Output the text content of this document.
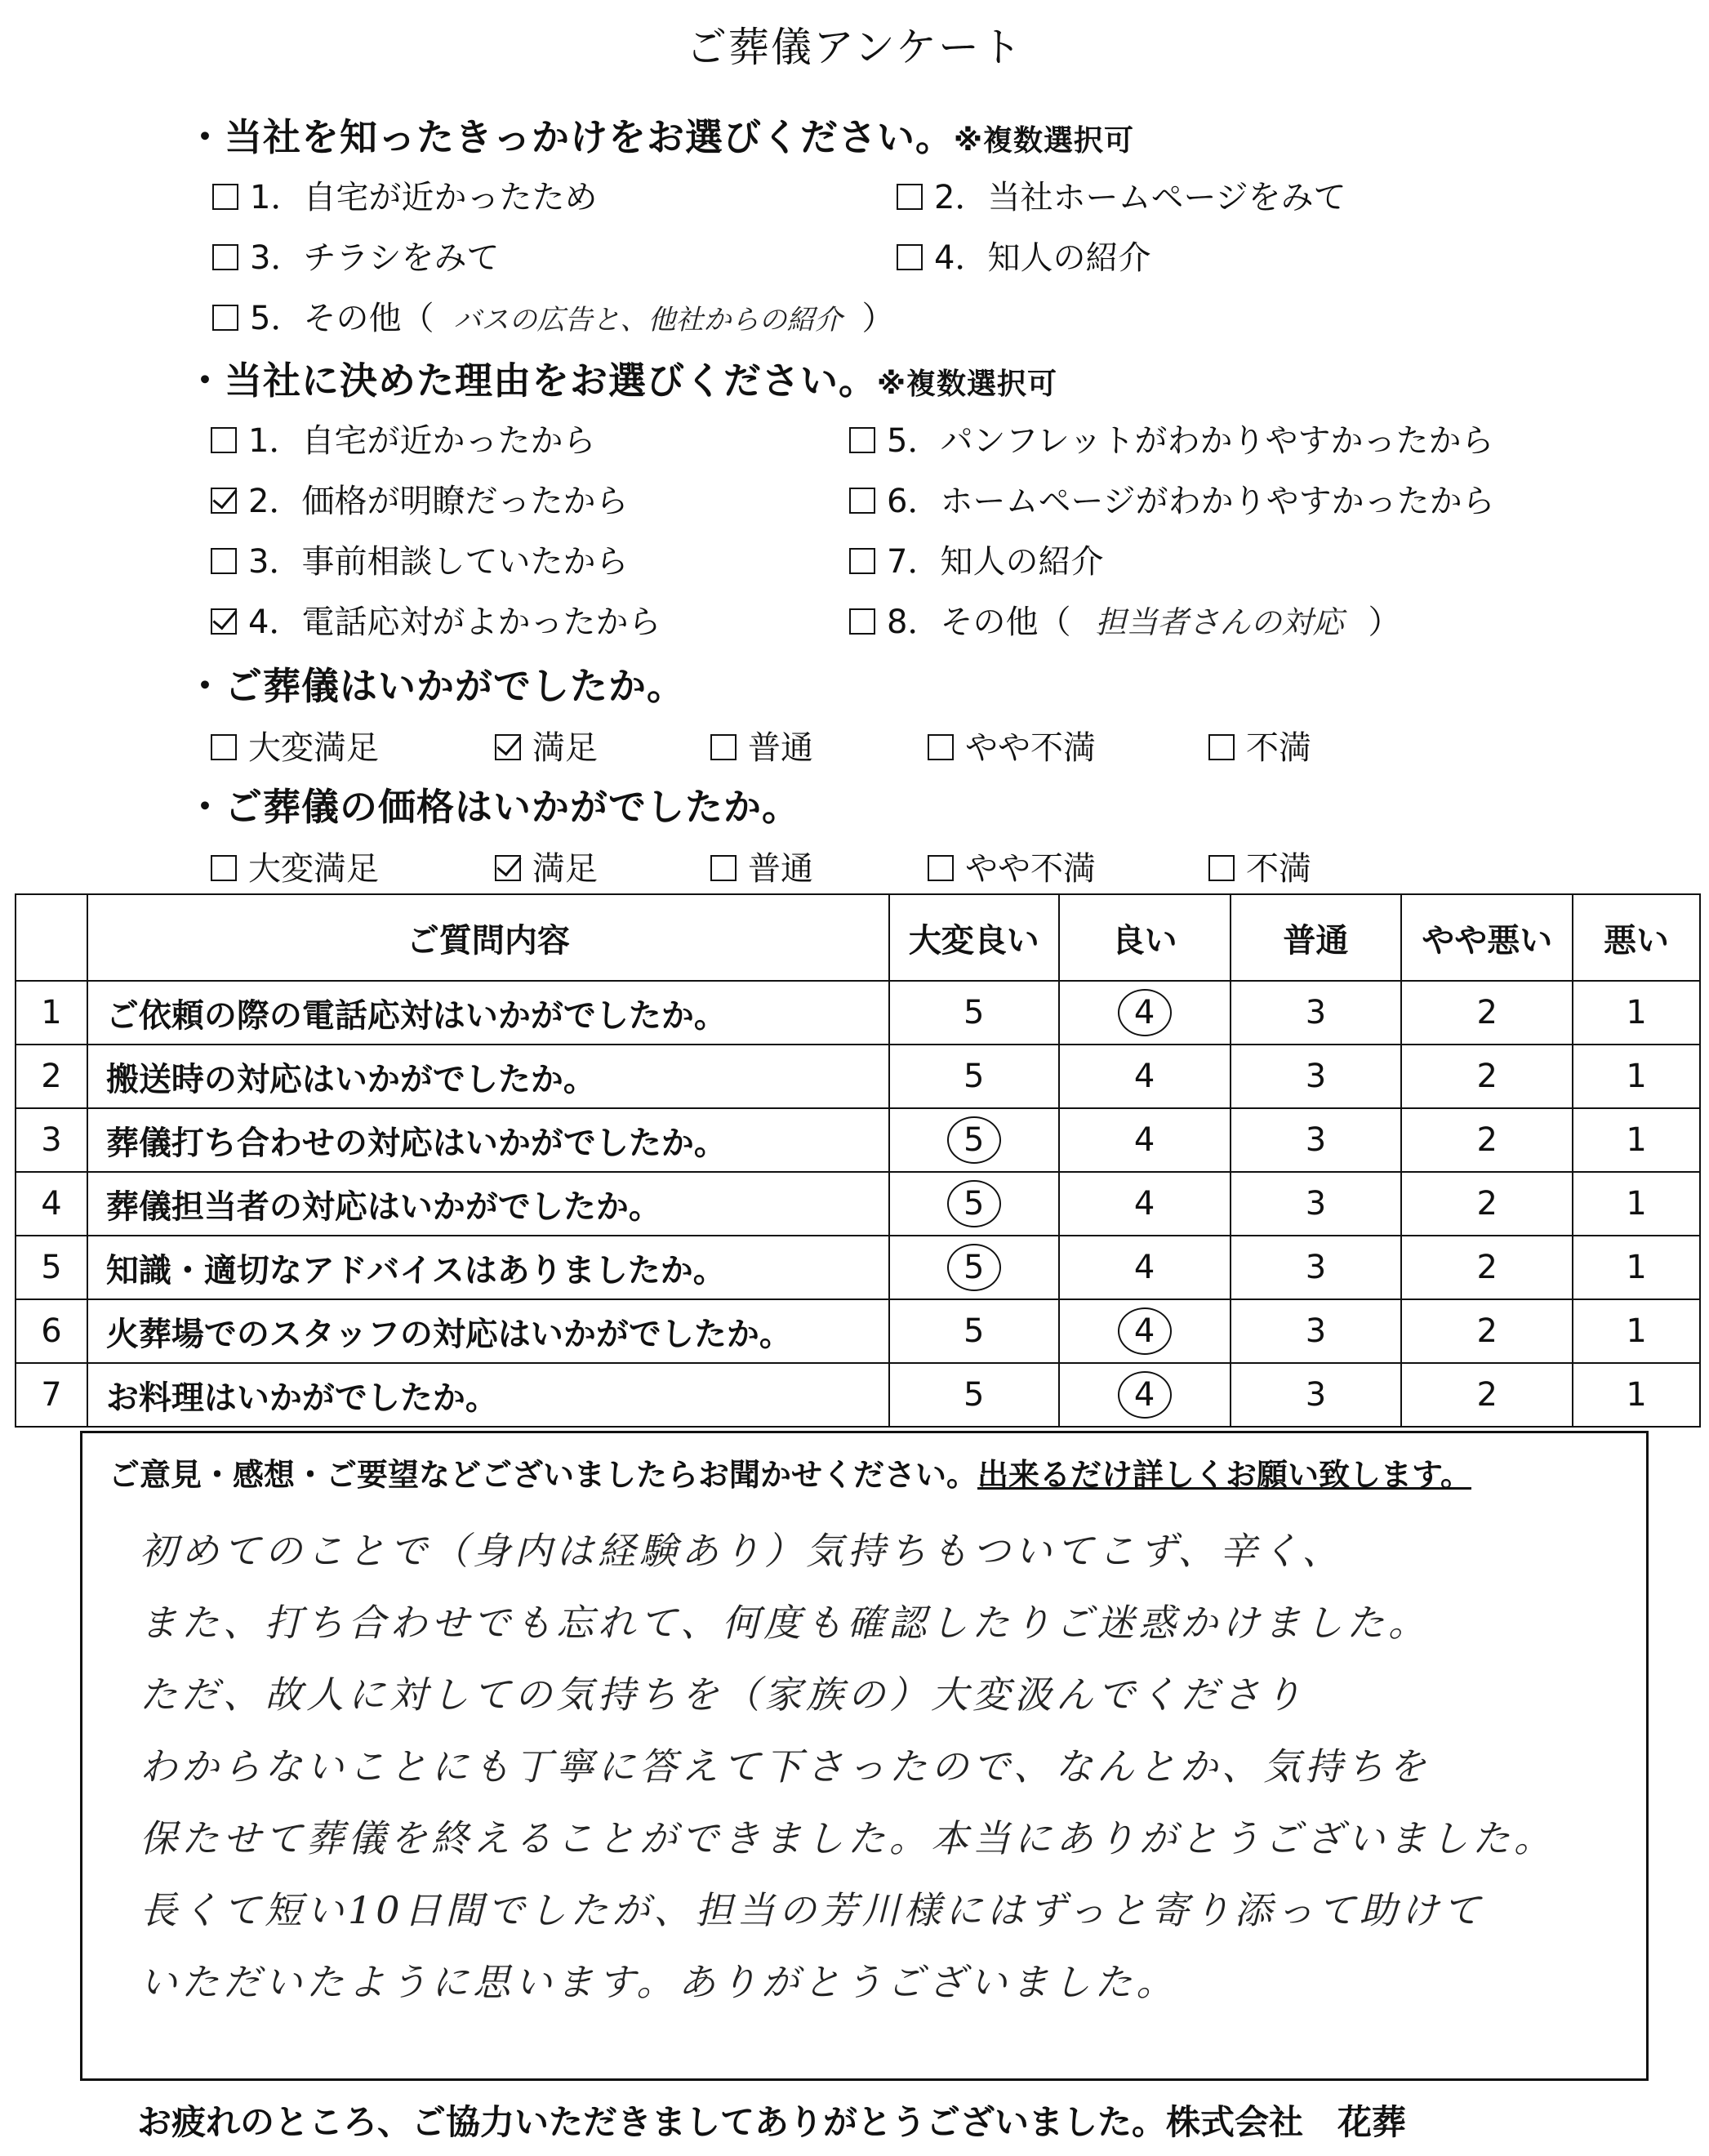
ご葬儀アンケート
・当社を知ったきっかけをお選びください。※複数選択可
1．自宅が近かったため	2．当社ホームページをみて
3．チラシをみて	4．知人の紹介
5．その他（ バスの広告と、他社からの紹介 ）
・当社に決めた理由をお選びください。※複数選択可
1．自宅が近かったから	5．パンフレットがわかりやすかったから
2．価格が明瞭だったから	6．ホームページがわかりやすかったから
3．事前相談していたから	7．知人の紹介
4．電話応対がよかったから	8．その他（ 担当者さんの対応 ）
・ご葬儀はいかがでしたか。
大変満足	満足	普通	やや不満	不満
・ご葬儀の価格はいかがでしたか。
大変満足	満足	普通	やや不満	不満
	ご質問内容	大変良い	良い	普通	やや悪い	悪い
1	ご依頼の際の電話応対はいかがでしたか。	5	4	3	2	1
2	搬送時の対応はいかがでしたか。	5	4	3	2	1
3	葬儀打ち合わせの対応はいかがでしたか。	5	4	3	2	1
4	葬儀担当者の対応はいかがでしたか。	5	4	3	2	1
5	知識・適切なアドバイスはありましたか。	5	4	3	2	1
6	火葬場でのスタッフの対応はいかがでしたか。	5	4	3	2	1
7	お料理はいかがでしたか。	5	4	3	2	1
ご意見・感想・ご要望などございましたらお聞かせください。出来るだけ詳しくお願い致します。
初めてのことで（身内は経験あり）気持ちもついてこず、辛く、
また、打ち合わせでも忘れて、何度も確認したりご迷惑かけました。
ただ、故人に対しての気持ちを（家族の）大変汲んでくださり
わからないことにも丁寧に答えて下さったので、なんとか、気持ちを
保たせて葬儀を終えることができました。本当にありがとうございました。
長くて短い10日間でしたが、担当の芳川様にはずっと寄り添って助けて
いただいたように思います。ありがとうございました。
お疲れのところ、ご協力いただきましてありがとうございました。株式会社　花葬
